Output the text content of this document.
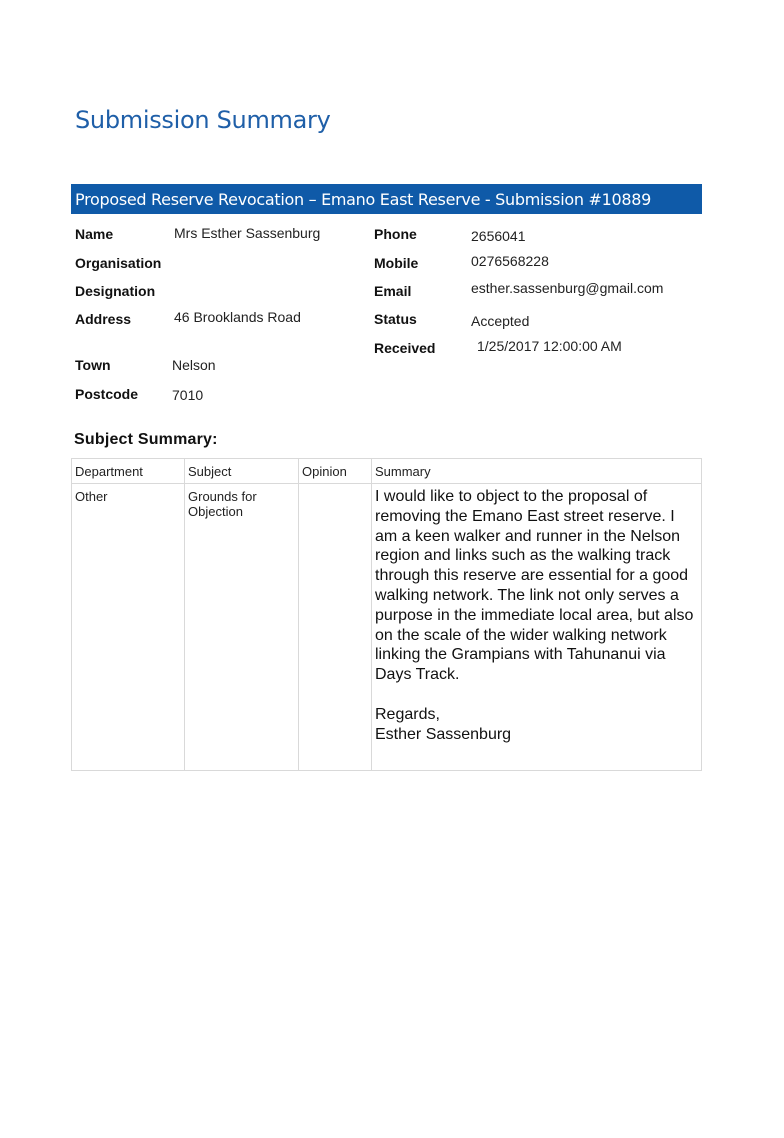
Submission Summary
Proposed Reserve Revocation – Emano East Reserve - Submission #10889
Name	Mrs Esther Sassenburg
Organisation
Designation
Address	46 Brooklands Road
Town	Nelson
Postcode 7010
Phone	2656041
Mobile	0276568228
Email	esther.sassenburg@gmail.com
Status	Accepted
Received	1/25/2017 12:00:00 AM
Subject Summary:
Department	Subject	Opinion	Summary
Other	Grounds for Objection		I would like to object to the proposal of removing the Emano East street reserve. I am a keen walker and runner in the Nelson region and links such as the walking track through this reserve are essential for a good walking network. The link not only serves a purpose in the immediate local area, but also on the scale of the wider walking network linking the Grampians with Tahunanui via Days Track.

Regards,
Esther Sassenburg
